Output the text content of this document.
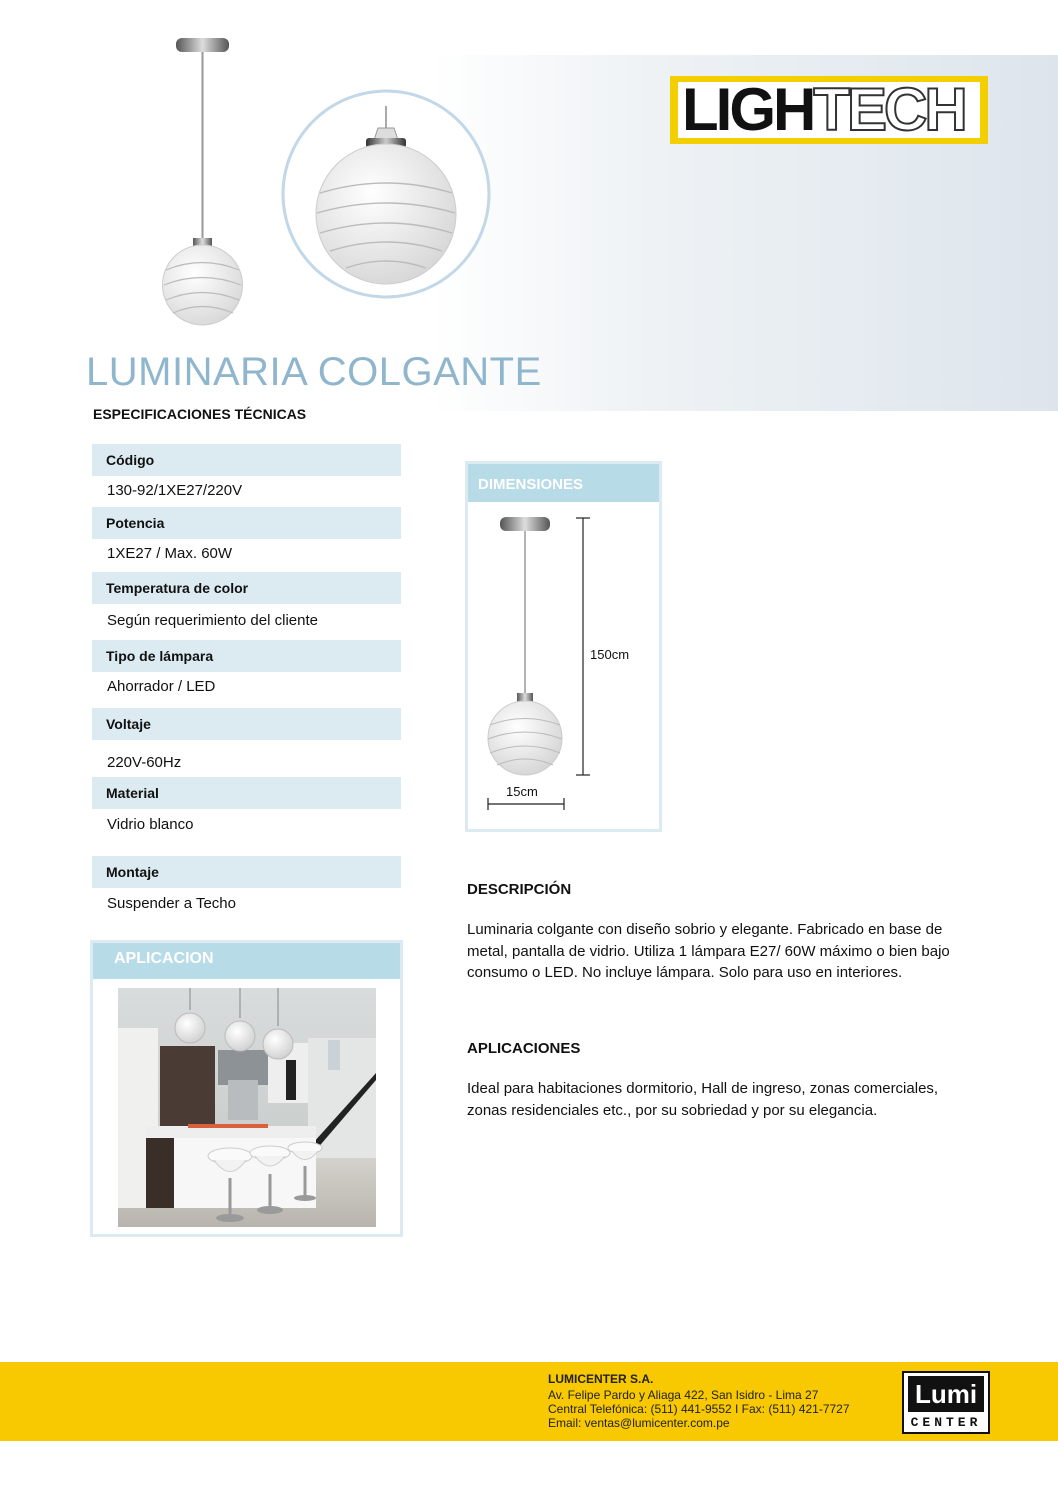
LIGH TECH
LUMINARIA COLGANTE
ESPECIFICACIONES TÉCNICAS
Código
130-92/1XE27/220V
Potencia
1XE27 / Max. 60W
Temperatura de color
Según requerimiento del cliente
Tipo de lámpara
Ahorrador / LED
Voltaje
220V-60Hz
Material
Vidrio blanco
Montaje
Suspender a Techo
DIMENSIONES
150cm
15cm
APLICACION
DESCRIPCIÓN
Luminaria colgante con diseño sobrio y elegante. Fabricado en base de
metal, pantalla de vidrio. Utiliza 1 lámpara E27/ 60W máximo o bien bajo
consumo o LED. No incluye lámpara. Solo para uso en interiores.
APLICACIONES
Ideal para habitaciones dormitorio, Hall de ingreso, zonas comerciales,
zonas residenciales etc., por su sobriedad y por su elegancia.
LUMICENTER S.A.
Av. Felipe Pardo y Aliaga 422, San Isidro - Lima 27
Central Telefónica: (511) 441-9552 I Fax: (511) 421-7727
Email: ventas@lumicenter.com.pe
Lumi
CENTER
